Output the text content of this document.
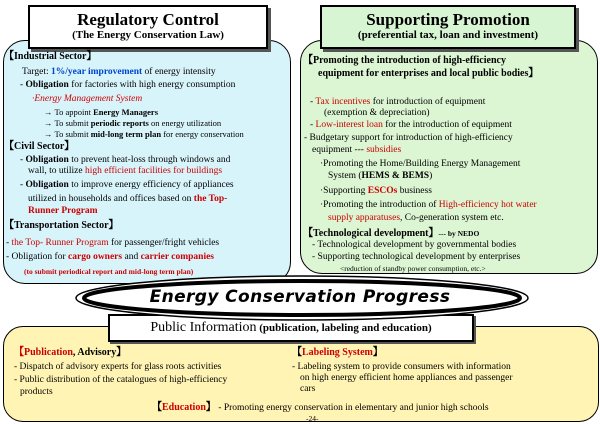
Regulatory Control
(The Energy Conservation Law)
【Industrial Sector】
Target: 1%/year improvement of energy intensity
- Obligation for factories with high energy consumption
·Energy Management System
→ To appoint Energy Managers
→ To submit periodic reports on energy utilization
→ To submit mid-long term plan for energy conservation
【Civil Sector】
- Obligation to prevent heat-loss through windows and
wall, to utilize high efficient facilities for buildings
- Obligation to improve energy efficiency of appliances
utilized in households and offices based on the Top-
Runner Program
【Transportation Sector】
- the Top- Runner Program for passenger/fright vehicles
- Obligation for cargo owners and carrier companies
(to submit periodical report and mid-long term plan)
Supporting Promotion
(preferential tax, loan and investment)
【Promoting the introduction of high-efficiency
equipment for enterprises and local public bodies】
- Tax incentives for introduction of equipment
(exemption & depreciation)
- Low-interest loan for the introduction of equipment
- Budgetary support for introduction of high-efficiency
equipment --- subsidies
·Promoting the Home/Building Energy Management
System (HEMS & BEMS)
·Supporting ESCOs business
·Promoting the introduction of High-efficiency hot water
supply apparatuses, Co-generation system etc.
【Technological development】--- by NEDO
- Technological development by governmental bodies
- Supporting technological development by enterprises
<reduction of standby power consumption, etc.>
Public Information (publication, labeling and education)
【Publication, Advisory】
- Dispatch of advisory experts for glass roots activities
- Public distribution of the catalogues of high-efficiency
products
【Labeling System】
- Labeling system to provide consumers with information
on high energy efficient home appliances and passenger
cars
【Education】 - Promoting energy conservation in elementary and junior high schools
-24-
Energy Conservation Progress
